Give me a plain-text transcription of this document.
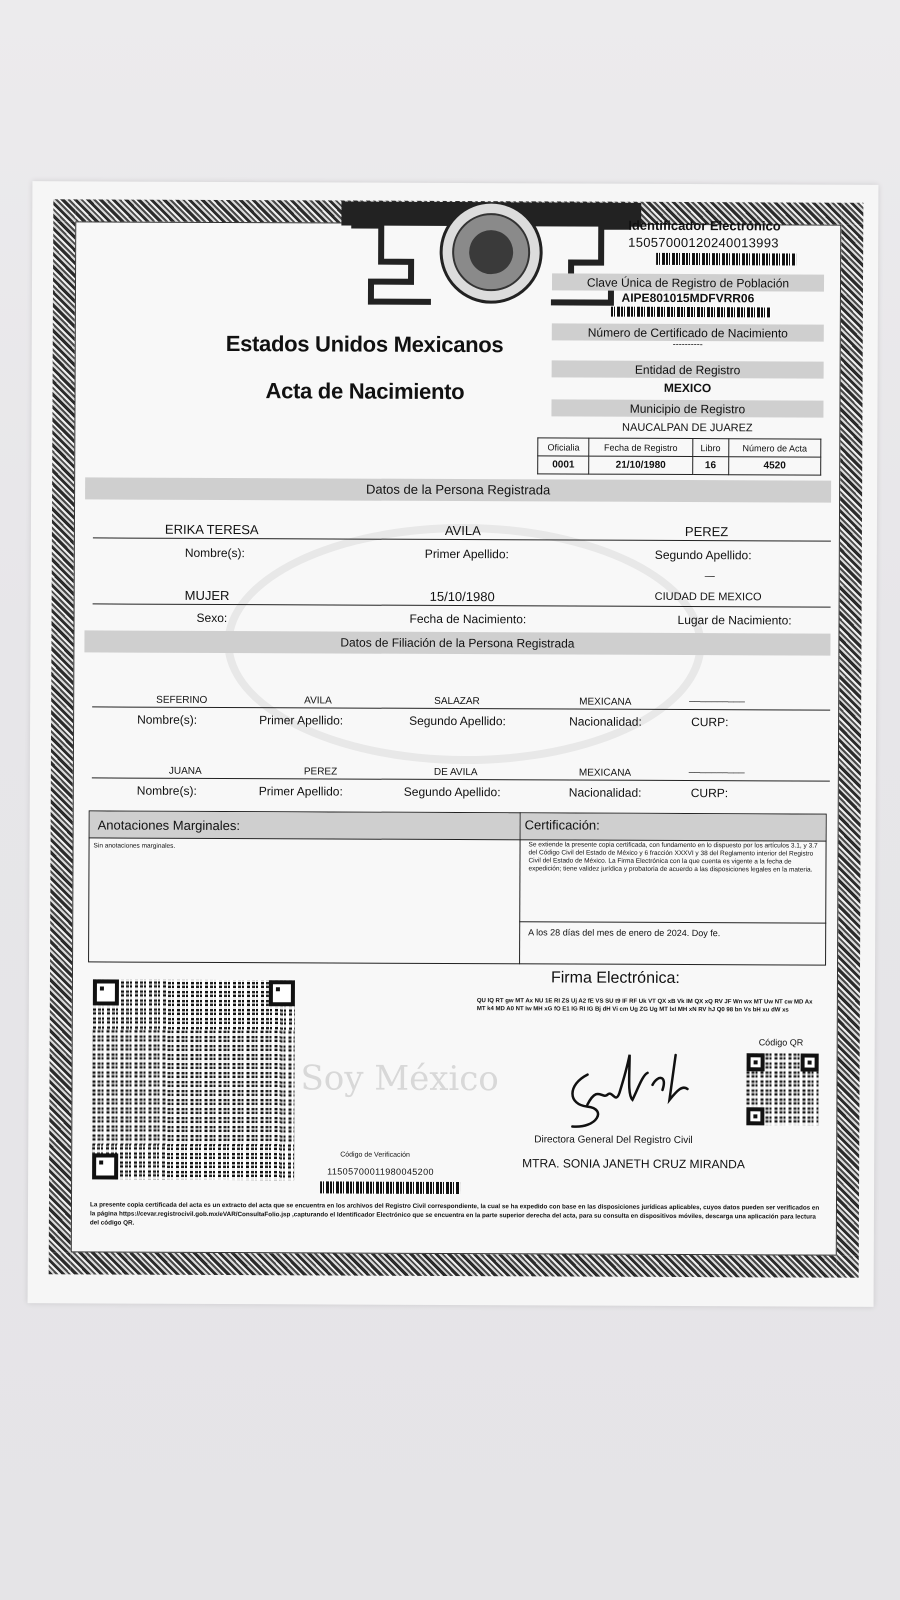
Estados Unidos Mexicanos
Acta de Nacimiento
Identificador Electrónico
15057000120240013993
Clave Única de Registro de Población
AIPE801015MDFVRR06
Número de Certificado de Nacimiento
----------
Entidad de Registro
MEXICO
Municipio de Registro
NAUCALPAN DE JUAREZ
Oficialia	Fecha de Registro	Libro	Número de Acta
0001	21/10/1980	16	4520
Datos de la Persona Registrada
ERIKA TERESA	AVILA	PEREZ
Nombre(s):	Primer Apellido:	Segundo Apellido:
—
MUJER	15/10/1980	CIUDAD DE MEXICO
Sexo:	Fecha de Nacimiento:	Lugar de Nacimiento:
Datos de Filiación de la Persona Registrada
SEFERINO	AVILA	SALAZAR	MEXICANA	__________
Nombre(s):	Primer Apellido:	Segundo Apellido:	Nacionalidad:	CURP:
JUANA	PEREZ	DE AVILA	MEXICANA	__________
Nombre(s):	Primer Apellido:	Segundo Apellido:	Nacionalidad:	CURP:
Anotaciones Marginales:	Certificación:
Sin anotaciones marginales.	Se extiende la presente copia certificada, con fundamento en lo dispuesto por los artículos 3.1, y 3.7 del Código Civil del Estado de México y 6 fracción XXXVI y 38 del Reglamento interior del Registro Civil del Estado de México. La Firma Electrónica con la que cuenta es vigente a la fecha de expedición; tiene validez jurídica y probatoria de acuerdo a las disposiciones legales en la materia.
A los 28 días del mes de enero de 2024. Doy fe.
Firma Electrónica:
QU IQ RT gw MT Ax NU 1E RI ZS Uj A2 fE VS SU t9 IF RF Uk VT QX xB Vk IM QX xQ RV JF Wn wx MT Uw NT cw MD Ax MT k4 MD A0 NT Iw MH xG fO E1 IG RI IG Bj dH Vi cm Ug ZG Ug MT lxI MH xN RV hJ Q0 98 bn Vs bH xu dW xs
Código QR
Soy México
Código de Verificación
1150570001198004520​0
Directora General Del Registro Civil
MTRA. SONIA JANETH CRUZ MIRANDA
La presente copia certificada del acta es un extracto del acta que se encuentra en los archivos del Registro Civil correspondiente, la cual se ha expedido con base en las disposiciones jurídicas aplicables, cuyos datos pueden ser verificados en la página https://cevar.registrocivil.gob.mx/eVAR/ConsultaFolio.jsp ,capturando el Identificador Electrónico que se encuentra en la parte superior derecha del acta, para su consulta en dispositivos móviles, descarga una aplicación para lectura del código QR.
